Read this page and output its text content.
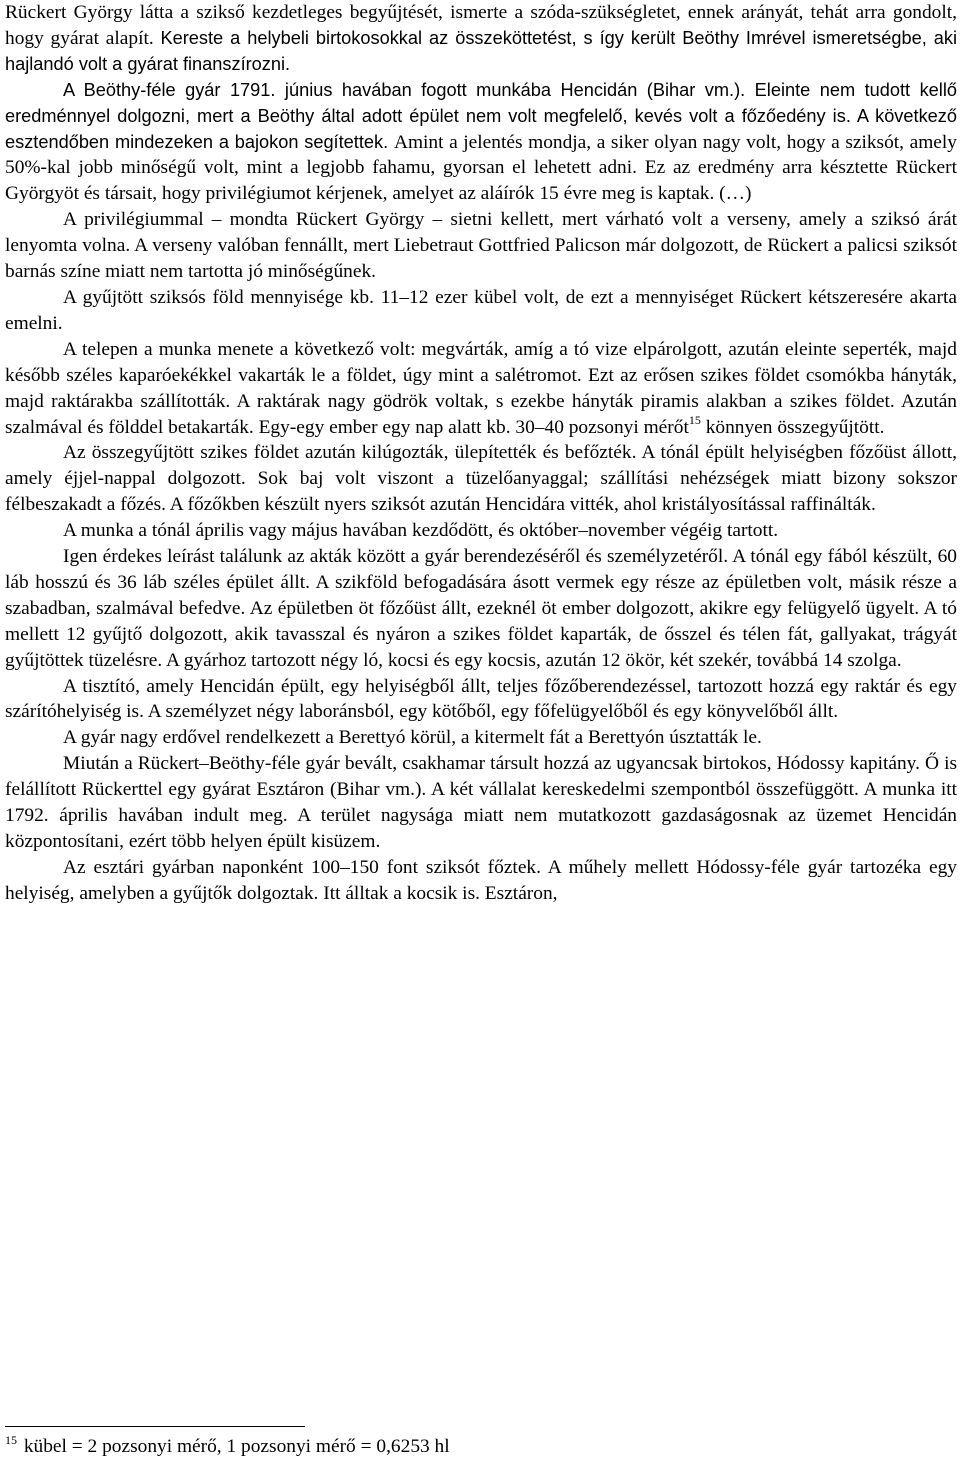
Rückert György látta a szikső kezdetleges begyűjtését, ismerte a szóda-szükségletet, ennek arányát, tehát arra gondolt, hogy gyárat alapít. Kereste a helybeli birtokosokkal az összeköttetést, s így került Beöthy Imrével ismeretségbe, aki hajlandó volt a gyárat finanszírozni.

A Beöthy-féle gyár 1791. június havában fogott munkába Hencidán (Bihar vm.). Eleinte nem tudott kellő eredménnyel dolgozni, mert a Beöthy által adott épület nem volt megfelelő, kevés volt a főzőedény is. A következő esztendőben mindezeken a bajokon segítettek. Amint a jelentés mondja, a siker olyan nagy volt, hogy a sziksót, amely 50%-kal jobb minőségű volt, mint a legjobb fahamu, gyorsan el lehetett adni. Ez az eredmény arra késztette Rückert Györgyöt és társait, hogy privilégiumot kérjenek, amelyet az aláírók 15 évre meg is kaptak. (…)

A privilégiummal – mondta Rückert György – sietni kellett, mert várható volt a verseny, amely a sziksó árát lenyomta volna. A verseny valóban fennállt, mert Liebetraut Gottfried Palicson már dolgozott, de Rückert a palicsi sziksót barnás színe miatt nem tartotta jó minőségűnek.

A gyűjtött sziksós föld mennyisége kb. 11–12 ezer kübel volt, de ezt a mennyiséget Rückert kétszeresére akarta emelni.

A telepen a munka menete a következő volt: megvárták, amíg a tó vize elpárolgott, azután eleinte seperték, majd később széles kaparóekékkel vakarták le a földet, úgy mint a salétromot. Ezt az erősen szikes földet csomókba hányták, majd raktárakba szállították. A raktárak nagy gödrök voltak, s ezekbe hányták piramis alakban a szikes földet. Azután szalmával és földdel betakarták. Egy-egy ember egy nap alatt kb. 30–40 pozsonyi mérőt$^{15}$ könnyen összegyűjtött.

Az összegyűjtött szikes földet azután kilúgozták, ülepítették és befőzték. A tónál épült helyiségben főzőüst állott, amely éjjel-nappal dolgozott. Sok baj volt viszont a tüzelőanyaggal; szállítási nehézségek miatt bizony sokszor félbeszakadt a főzés. A főzőkben készült nyers sziksót azután Hencidára vitték, ahol kristályosítással raffinálták.

A munka a tónál április vagy május havában kezdődött, és október–november végéig tartott.

Igen érdekes leírást találunk az akták között a gyár berendezéséről és személyzetéről. A tónál egy fából készült, 60 láb hosszú és 36 láb széles épület állt. A szikföld befogadására ásott vermek egy része az épületben volt, másik része a szabadban, szalmával befedve. Az épületben öt főzőüst állt, ezeknél öt ember dolgozott, akikre egy felügyelő ügyelt. A tó mellett 12 gyűjtő dolgozott, akik tavasszal és nyáron a szikes földet kaparták, de ősszel és télen fát, gallyakat, trágyát gyűjtöttek tüzelésre. A gyárhoz tartozott négy ló, kocsi és egy kocsis, azután 12 ökör, két szekér, továbbá 14 szolga.

A tisztító, amely Hencidán épült, egy helyiségből állt, teljes főzőberendezéssel, tartozott hozzá egy raktár és egy szárítóhelyiség is. A személyzet négy laboránsból, egy kötőből, egy főfelügyelőből és egy könyvelőből állt.

A gyár nagy erdővel rendelkezett a Berettyó körül, a kitermelt fát a Berettyón úsztatták le.

Miután a Rückert–Beöthy-féle gyár bevált, csakhamar társult hozzá az ugyancsak birtokos, Hódossy kapitány. Ő is felállított Rückerttel egy gyárat Esztáron (Bihar vm.). A két vállalat kereskedelmi szempontból összefüggött. A munka itt 1792. április havában indult meg. A terület nagysága miatt nem mutatkozott gazdaságosnak az üzemet Hencidán központosítani, ezért több helyen épült kisüzem.

Az esztári gyárban naponként 100–150 font sziksót főztek. A műhely mellett Hódossy-féle gyár tartozéka egy helyiség, amelyben a gyűjtők dolgoztak. Itt álltak a kocsik is. Esztáron,

$^{15}$ kübel = 2 pozsonyi mérő, 1 pozsonyi mérő = 0,6253 hl
